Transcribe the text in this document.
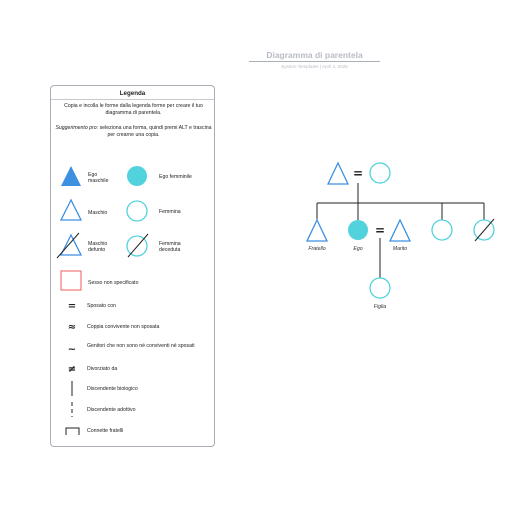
Diagramma di parentela
System Templates | April 3, 2025
Legenda
Copia e incolla le forme dalla legenda forme per creare il tuo diagramma di parentela.
Suggerimento pro: seleziona una forma, quindi premi ALT e trascina per crearne una copia.
Ego maschile
Ego femminile
Maschio	Femmina
Maschio defunto
Femmina deceduta
Sesso non specificato
Sposato con
Coppia convivente non sposata
Genitori che non sono né conviventi né sposati
Divorziato da
Discendente biologico
Discendente adottivo
Connette fratelli
=
≈
~
≠
=
=
Fratello	Ego	Marito
Figlia
